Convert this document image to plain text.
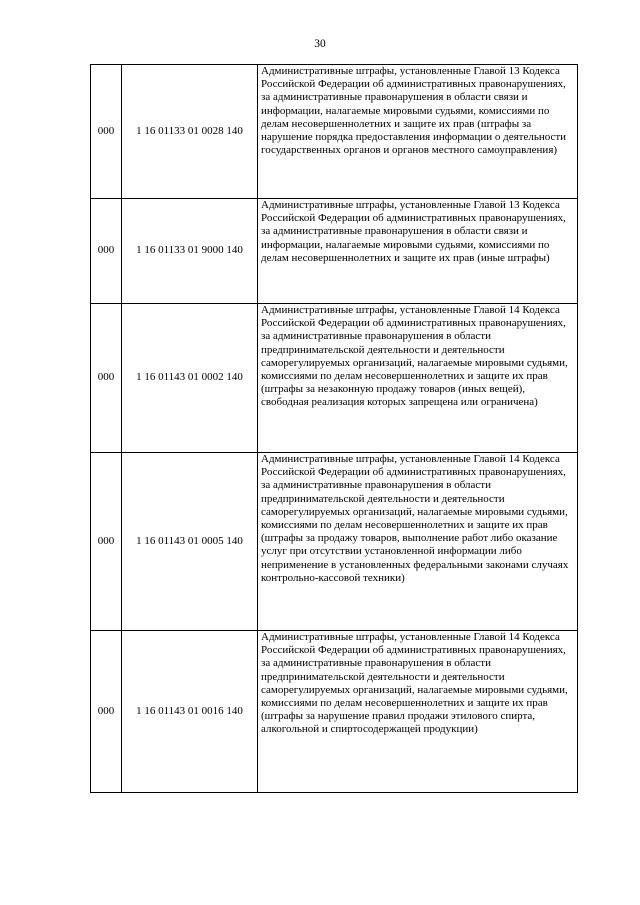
30
000	1 16 01133 01 0028 140	Административные штрафы, установленные Главой 13 Кодекса Российской Федерации об административных правонарушениях, за административные правонарушения в области связи и информации, налагаемые мировыми судьями, комиссиями по делам несовершеннолетних и защите их прав (штрафы за нарушение порядка предоставления информации о деятельности государственных органов и органов местного самоуправления)
000	1 16 01133 01 9000 140	Административные штрафы, установленные Главой 13 Кодекса Российской Федерации об административных правонарушениях, за административные правонарушения в области связи и информации, налагаемые мировыми судьями, комиссиями по делам несовершеннолетних и защите их прав (иные штрафы)
000	1 16 01143 01 0002 140	Административные штрафы, установленные Главой 14 Кодекса Российской Федерации об административных правонарушениях, за административные правонарушения в области предпринимательской деятельности и деятельности саморегулируемых организаций, налагаемые мировыми судьями, комиссиями по делам несовершеннолетних и защите их прав (штрафы за незаконную продажу товаров (иных вещей), свободная реализация которых запрещена или ограничена)
000	1 16 01143 01 0005 140	Административные штрафы, установленные Главой 14 Кодекса Российской Федерации об административных правонарушениях, за административные правонарушения в области предпринимательской деятельности и деятельности саморегулируемых организаций, налагаемые мировыми судьями, комиссиями по делам несовершеннолетних и защите их прав (штрафы за продажу товаров, выполнение работ либо оказание услуг при отсутствии установленной информации либо неприменение в установленных федеральными законами случаях контрольно-кассовой техники)
000	1 16 01143 01 0016 140	Административные штрафы, установленные Главой 14 Кодекса Российской Федерации об административных правонарушениях, за административные правонарушения в области предпринимательской деятельности и деятельности саморегулируемых организаций, налагаемые мировыми судьями, комиссиями по делам несовершеннолетних и защите их прав (штрафы за нарушение правил продажи этилового спирта, алкогольной и спиртосодержащей продукции)
